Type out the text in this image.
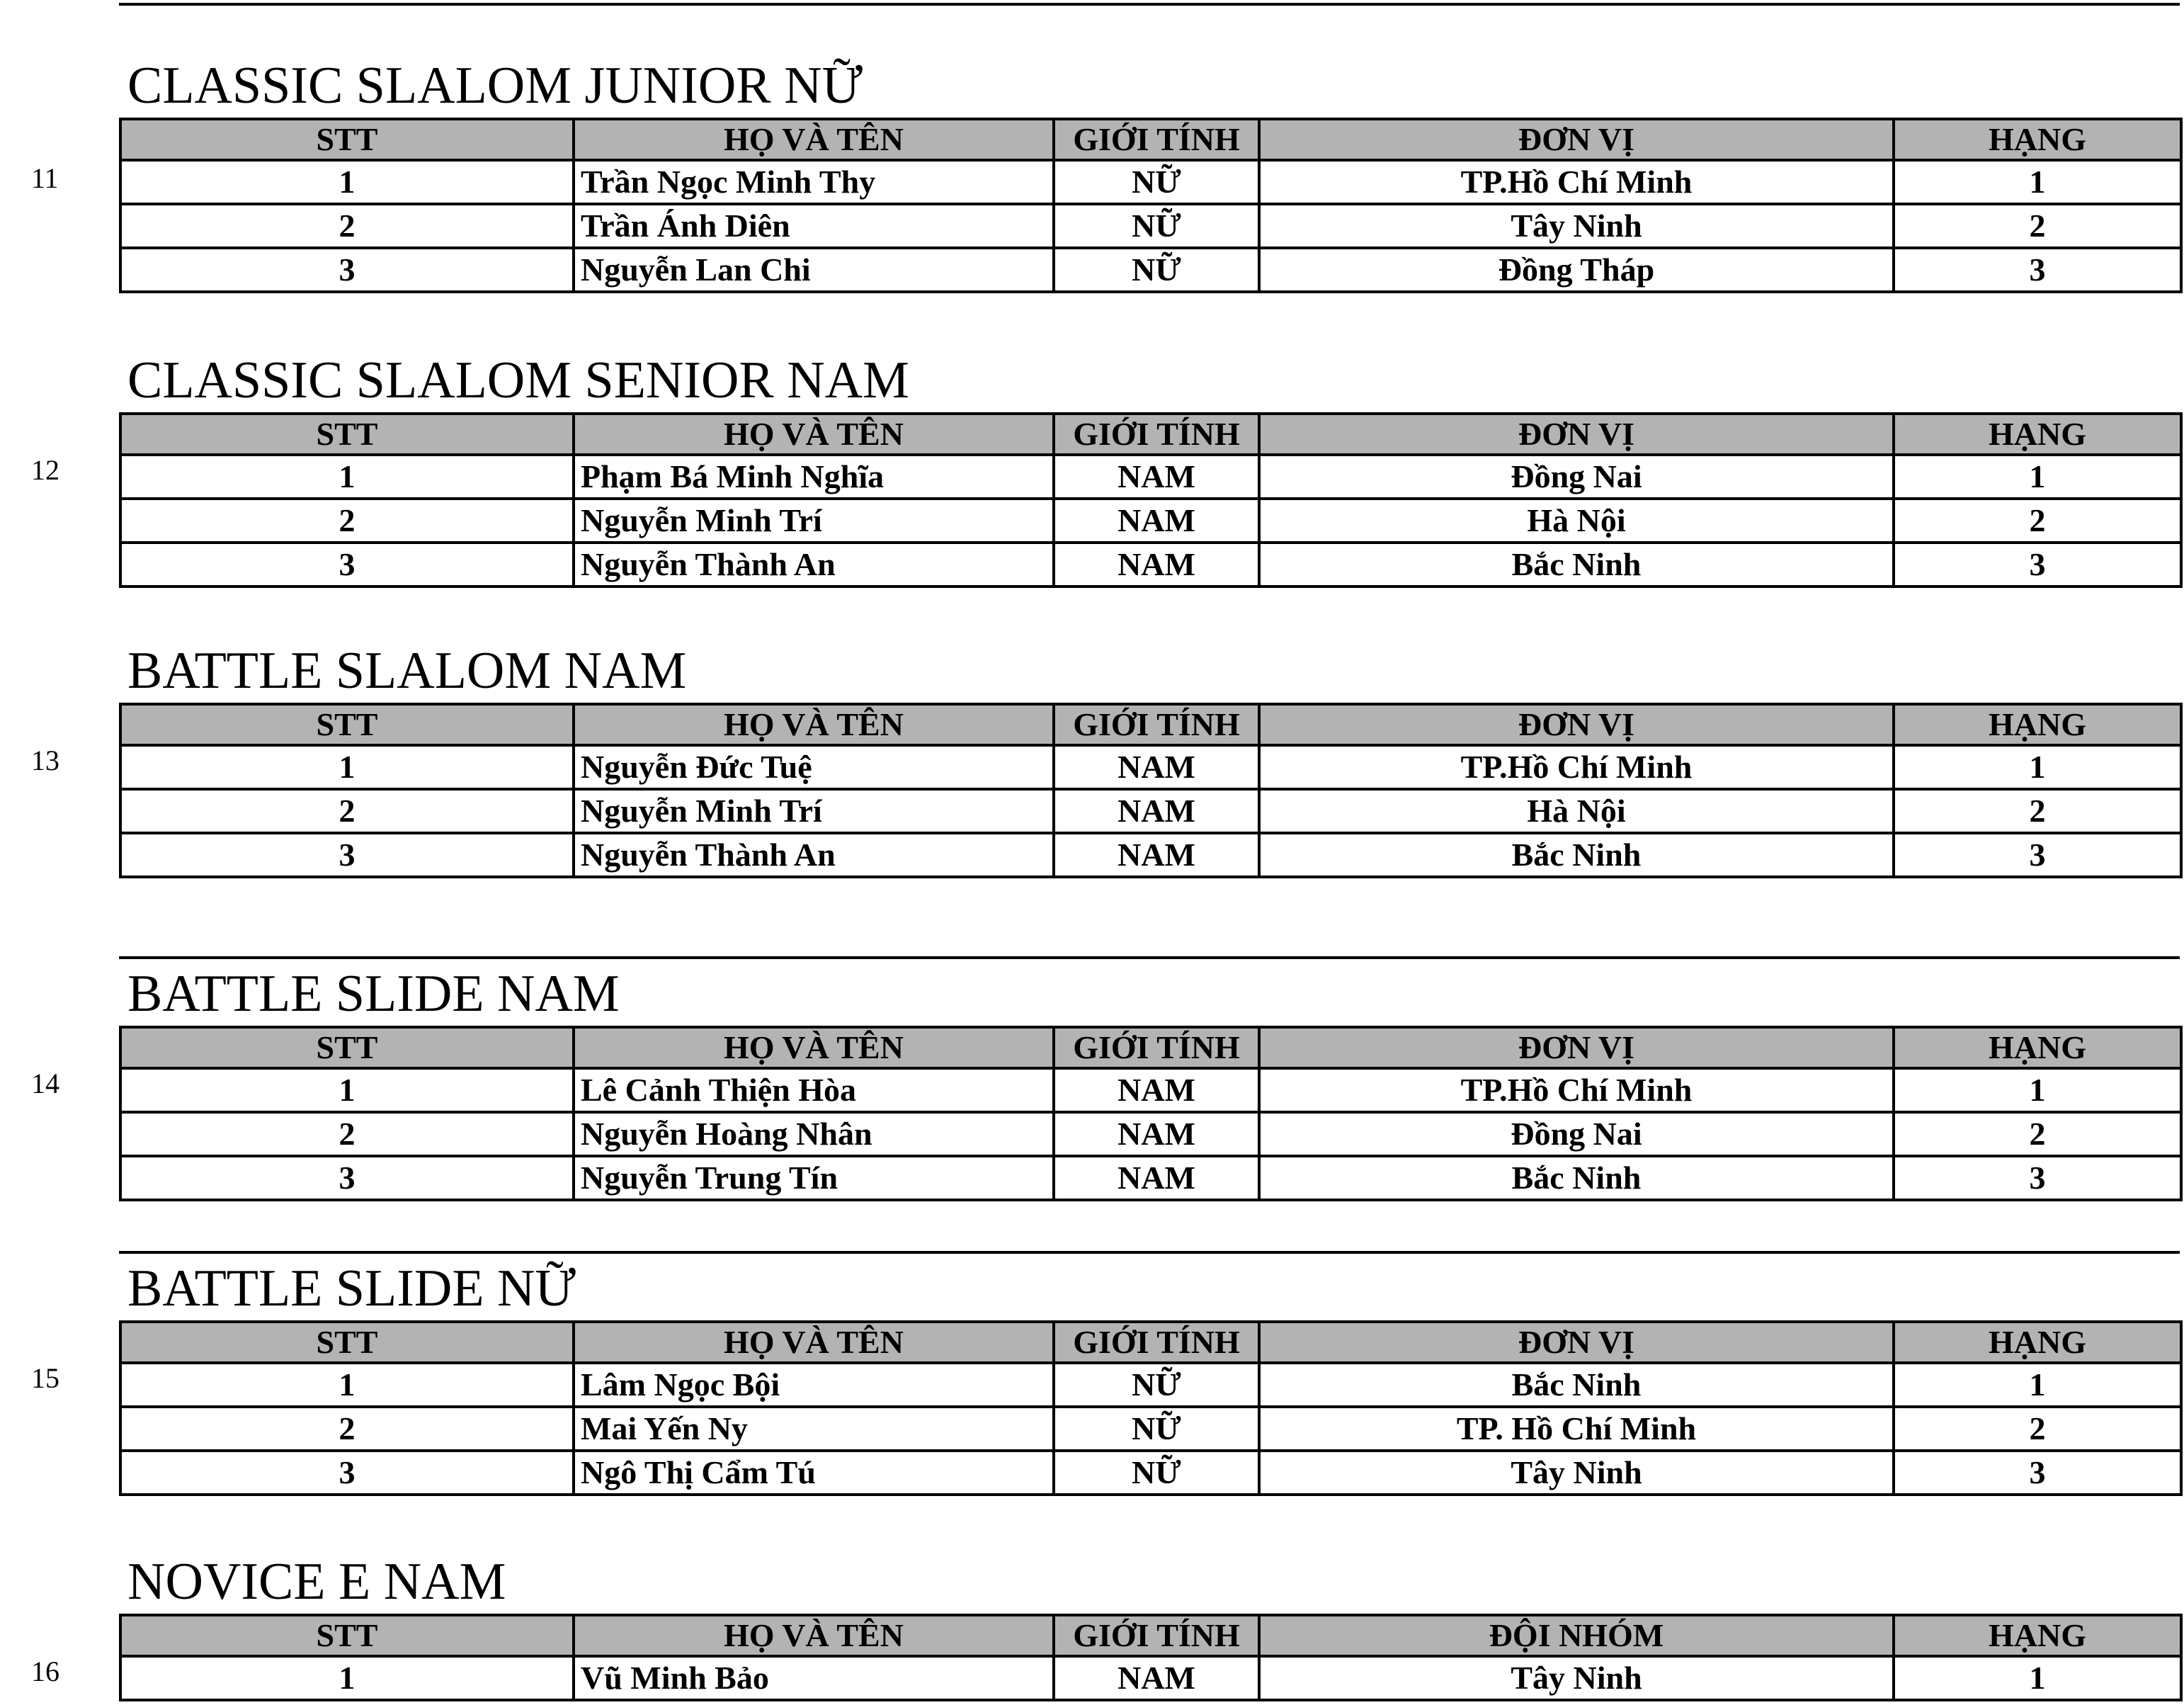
11
CLASSIC SLALOM JUNIOR NỮ
STT	HỌ VÀ TÊN	GIỚI TÍNH	ĐƠN VỊ	HẠNG
1	Trần Ngọc Minh Thy	NỮ	TP.Hồ Chí Minh	1
2	Trần Ánh Diên	NỮ	Tây Ninh	2
3	Nguyễn Lan Chi	NỮ	Đồng Tháp	3
12
CLASSIC SLALOM SENIOR NAM
STT	HỌ VÀ TÊN	GIỚI TÍNH	ĐƠN VỊ	HẠNG
1	Phạm Bá Minh Nghĩa	NAM	Đồng Nai	1
2	Nguyễn Minh Trí	NAM	Hà Nội	2
3	Nguyễn Thành An	NAM	Bắc Ninh	3
13
BATTLE SLALOM NAM
STT	HỌ VÀ TÊN	GIỚI TÍNH	ĐƠN VỊ	HẠNG
1	Nguyễn Đức Tuệ	NAM	TP.Hồ Chí Minh	1
2	Nguyễn Minh Trí	NAM	Hà Nội	2
3	Nguyễn Thành An	NAM	Bắc Ninh	3
14
BATTLE SLIDE NAM
STT	HỌ VÀ TÊN	GIỚI TÍNH	ĐƠN VỊ	HẠNG
1	Lê Cảnh Thiện Hòa	NAM	TP.Hồ Chí Minh	1
2	Nguyễn Hoàng Nhân	NAM	Đồng Nai	2
3	Nguyễn Trung Tín	NAM	Bắc Ninh	3
15
BATTLE SLIDE NỮ
STT	HỌ VÀ TÊN	GIỚI TÍNH	ĐƠN VỊ	HẠNG
1	Lâm Ngọc Bội	NỮ	Bắc Ninh	1
2	Mai Yến Ny	NỮ	TP. Hồ Chí Minh	2
3	Ngô Thị Cẩm Tú	NỮ	Tây Ninh	3
16
NOVICE E NAM
STT	HỌ VÀ TÊN	GIỚI TÍNH	ĐỘI NHÓM	HẠNG
1	Vũ Minh Bảo	NAM	Tây Ninh	1
